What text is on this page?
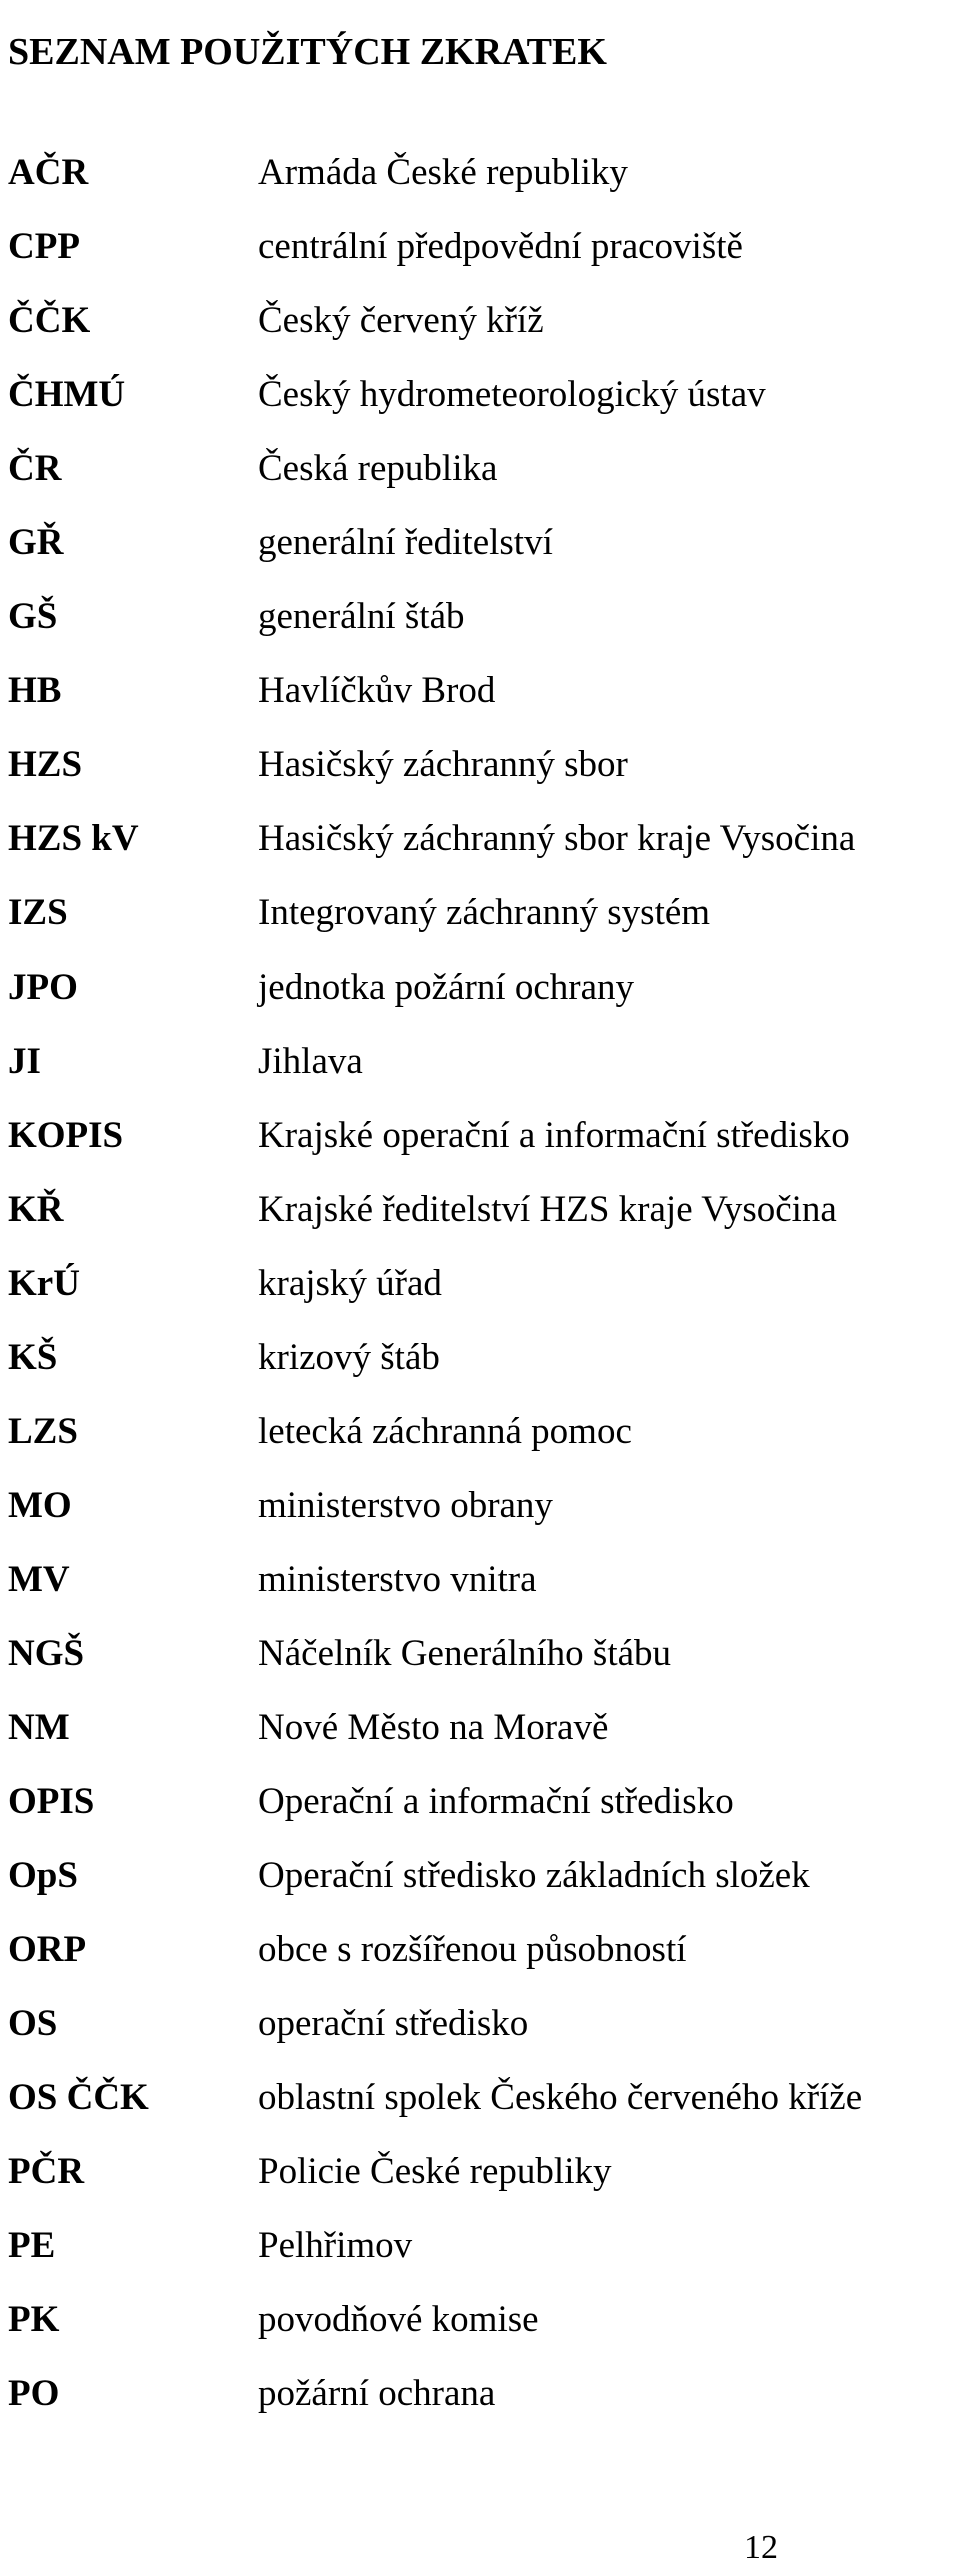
SEZNAM POUŽITÝCH ZKRATEK
AČR	Armáda České republiky
CPP	centrální předpovědní pracoviště
ČČK	Český červený kříž
ČHMÚ	Český hydrometeorologický ústav
ČR	Česká republika
GŘ	generální ředitelství
GŠ	generální štáb
HB	Havlíčkův Brod
HZS	Hasičský záchranný sbor
HZS kV	Hasičský záchranný sbor kraje Vysočina
IZS	Integrovaný záchranný systém
JPO	jednotka požární ochrany
JI	Jihlava
KOPIS	Krajské operační a informační středisko
KŘ	Krajské ředitelství HZS kraje Vysočina
KrÚ	krajský úřad
KŠ	krizový štáb
LZS	letecká záchranná pomoc
MO	ministerstvo obrany
MV	ministerstvo vnitra
NGŠ	Náčelník Generálního štábu
NM	Nové Město na Moravě
OPIS	Operační a informační středisko
OpS	Operační středisko základních složek
ORP	obce s rozšířenou působností
OS	operační středisko
OS ČČK	oblastní spolek Českého červeného kříže
PČR	Policie České republiky
PE	Pelhřimov
PK	povodňové komise
PO	požární ochrana
12
